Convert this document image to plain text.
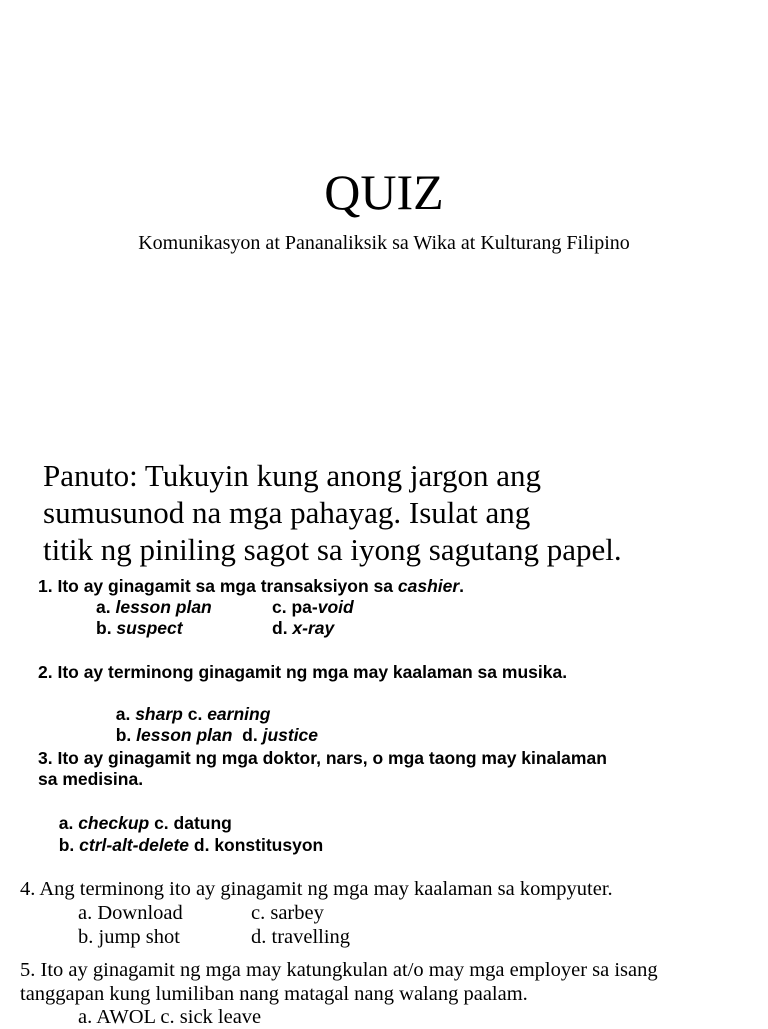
QUIZ
Komunikasyon at Pananaliksik sa Wika at Kulturang Filipino
Panuto: Tukuyin kung anong jargon ang
sumusunod na mga pahayag. Isulat ang
titik ng piniling sagot sa iyong sagutang papel.
1. Ito ay ginagamit sa mga transaksiyon sa cashier.
a. lesson plan	c. pa-void
b. suspect	d. x-ray
2. Ito ay terminong ginagamit ng mga may kaalaman sa musika.

a. sharp c. earning

b. lesson plan  d. justice

3. Ito ay ginagamit ng mga doktor, nars, o mga taong may kinalaman
sa medisina.

a. checkup c. datung

b. ctrl-alt-delete d. konstitusyon

4. Ang terminong ito ay ginagamit ng mga may kaalaman sa kompyuter.
a. Download	c. sarbey
b. jump shot	d. travelling
5. Ito ay ginagamit ng mga may katungkulan at/o may mga employer sa isang
tanggapan kung lumiliban nang matagal nang walang paalam.
a. AWOL c. sick leave
